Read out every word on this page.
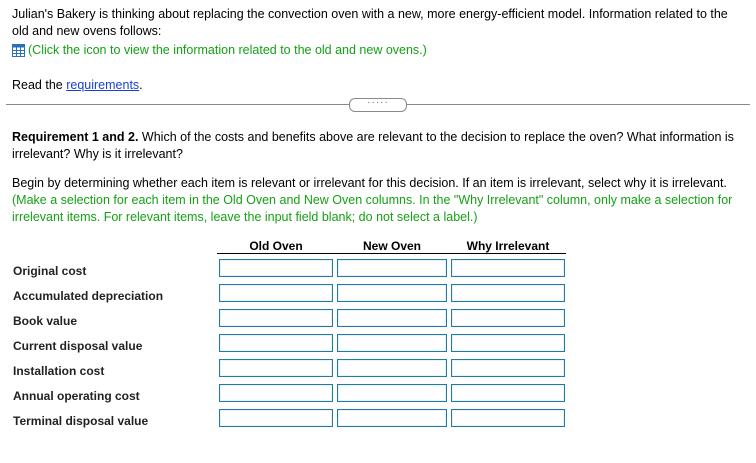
Julian's Bakery is thinking about replacing the convection oven with a new, more energy-efficient model. Information related to the old and new ovens follows:

(Click the icon to view the information related to the old and new ovens.)

Read the requirements.

·····

Requirement 1 and 2. Which of the costs and benefits above are relevant to the decision to replace the oven? What information is irrelevant? Why is it irrelevant?

Begin by determining whether each item is relevant or irrelevant for this decision. If an item is irrelevant, select why it is irrelevant. (Make a selection for each item in the Old Oven and New Oven columns. In the "Why Irrelevant" column, only make a selection for irrelevant items. For relevant items, leave the input field blank; do not select a label.)

Old Oven	New Oven	Why Irrelevant
Original cost
Accumulated depreciation
Book value
Current disposal value
Installation cost
Annual operating cost
Terminal disposal value
